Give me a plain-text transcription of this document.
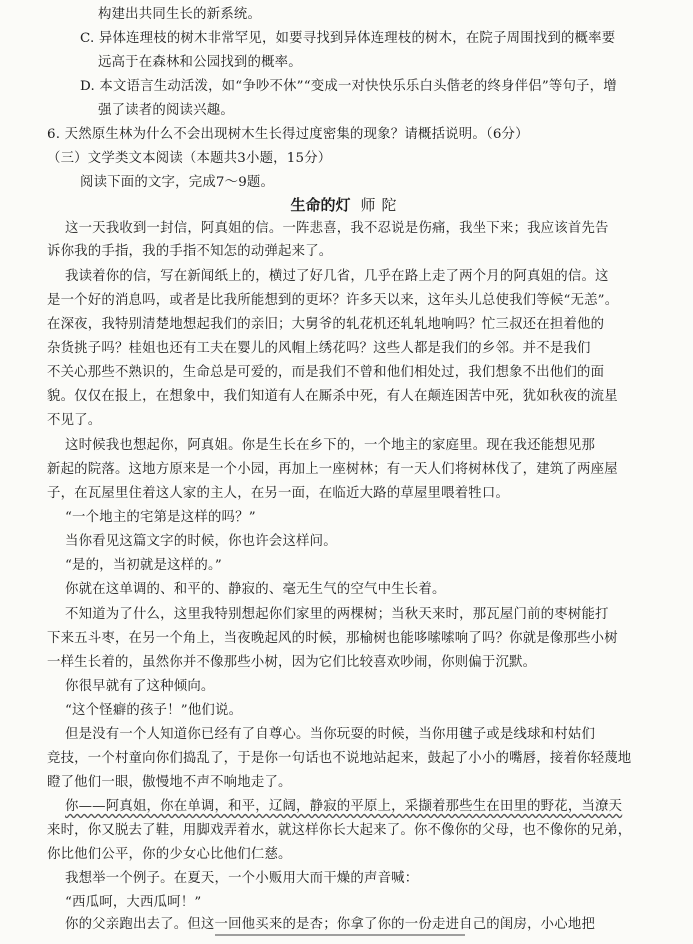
构建出共同生长的新系统。
C. 异体连理枝的树木非常罕见，如要寻找到异体连理枝的树木，在院子周围找到的概率要
远高于在森林和公园找到的概率。
D. 本文语言生动活泼，如“争吵不休”“变成一对快快乐乐白头偕老的终身伴侣”等句子，增
强了读者的阅读兴趣。
6. 天然原生林为什么不会出现树木生长得过度密集的现象？请概括说明。（6分）
（三）文学类文本阅读（本题共3小题，15分）
阅读下面的文字，完成7～9题。
生命的灯 师陀
这一天我收到一封信，阿真姐的信。一阵悲喜，我不忍说是伤痛，我坐下来；我应该首先告
诉你我的手指，我的手指不知怎的动弹起来了。
我读着你的信，写在新闻纸上的，横过了好几省，几乎在路上走了两个月的阿真姐的信。这
是一个好的消息吗，或者是比我所能想到的更坏？许多天以来，这年头儿总使我们等候“无恙”。
在深夜，我特别清楚地想起我们的亲旧；大舅爷的轧花机还轧轧地响吗？忙三叔还在担着他的
杂货挑子吗？桂姐也还有工夫在婴儿的风帽上绣花吗？这些人都是我们的乡邻。并不是我们
不关心那些不熟识的，生命总是可爱的，而是我们不曾和他们相处过，我们想象不出他们的面
貌。仅仅在报上，在想象中，我们知道有人在厮杀中死，有人在颠连困苦中死，犹如秋夜的流星
不见了。
这时候我也想起你，阿真姐。你是生长在乡下的，一个地主的家庭里。现在我还能想见那
新起的院落。这地方原来是一个小园，再加上一座树林；有一天人们将树林伐了，建筑了两座屋
子，在瓦屋里住着这人家的主人，在另一面，在临近大路的草屋里喂着牲口。
“一个地主的宅第是这样的吗？”
当你看见这篇文字的时候，你也许会这样问。
“是的，当初就是这样的。”
你就在这单调的、和平的、静寂的、毫无生气的空气中生长着。
不知道为了什么，这里我特别想起你们家里的两棵树；当秋天来时，那瓦屋门前的枣树能打
下来五斗枣，在另一个角上，当夜晚起风的时候，那榆树也能哆嗦嗦响了吗？你就是像那些小树
一样生长着的，虽然你并不像那些小树，因为它们比较喜欢吵闹，你则偏于沉默。
你很早就有了这种倾向。
“这个怪癖的孩子！”他们说。
但是没有一个人知道你已经有了自尊心。当你玩耍的时候，当你用毽子或是线球和村姑们
竞技，一个村童向你们捣乱了，于是你一句话也不说地站起来，鼓起了小小的嘴唇，接着你轻蔑地
瞪了他们一眼，傲慢地不声不响地走了。
你——阿真姐，你在单调，和平，辽阔，静寂的平原上，采撷着那些生在田里的野花，当潦天
来时，你又脱去了鞋，用脚戏弄着水，就这样你长大起来了。你不像你的父母，也不像你的兄弟，
你比他们公平，你的少女心比他们仁慈。
我想举一个例子。在夏天，一个小贩用大而干燥的声音喊：
“西瓜呵，大西瓜呵！”
你的父亲跑出去了。但这一回他买来的是杏；你拿了你的一份走进自己的闺房，小心地把
